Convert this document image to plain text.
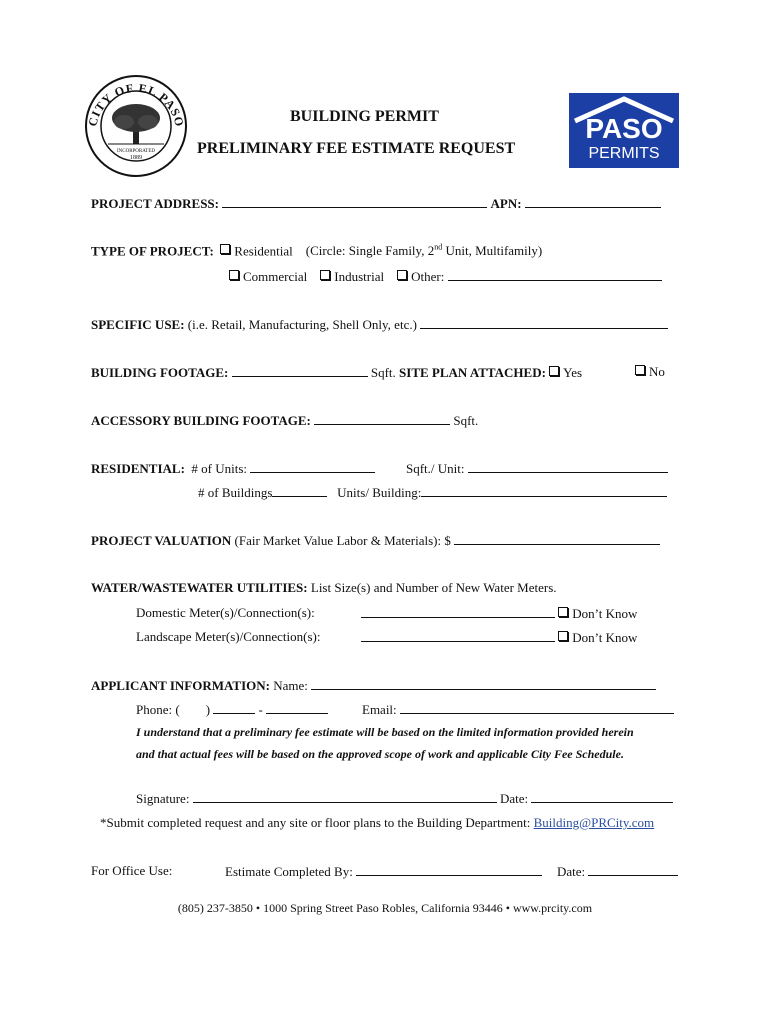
CITY OF EL PASO
INCORPORATED
1889
BUILDING PERMIT
PRELIMINARY FEE ESTIMATE REQUEST
PASO
PERMITS
PROJECT ADDRESS:	APN:
TYPE OF PROJECT: Residential (Circle: Single Family, 2nd Unit, Multifamily)
Commercial Industrial Other:
SPECIFIC USE: (i.e. Retail, Manufacturing, Shell Only, etc.)
BUILDING FOOTAGE:	Sqft. SITE PLAN ATTACHED: Yes	No
ACCESSORY BUILDING FOOTAGE:	Sqft.
RESIDENTIAL: # of Units:	Sqft./ Unit:
# of Buildings	Units/ Building:
PROJECT VALUATION (Fair Market Value Labor & Materials): $
WATER/WASTEWATER UTILITIES: List Size(s) and Number of New Water Meters.
Domestic Meter(s)/Connection(s):	Don’t Know
Landscape Meter(s)/Connection(s):	Don’t Know
APPLICANT INFORMATION: Name:
Phone: ( )	-	Email:
I understand that a preliminary fee estimate will be based on the limited information provided herein
and that actual fees will be based on the approved scope of work and applicable City Fee Schedule.
Signature:	Date:
*Submit completed request and any site or floor plans to the Building Department: Building@PRCity.com
For Office Use:	Estimate Completed By:	Date:
(805) 237-3850 • 1000 Spring Street Paso Robles, California 93446 • www.prcity.com
